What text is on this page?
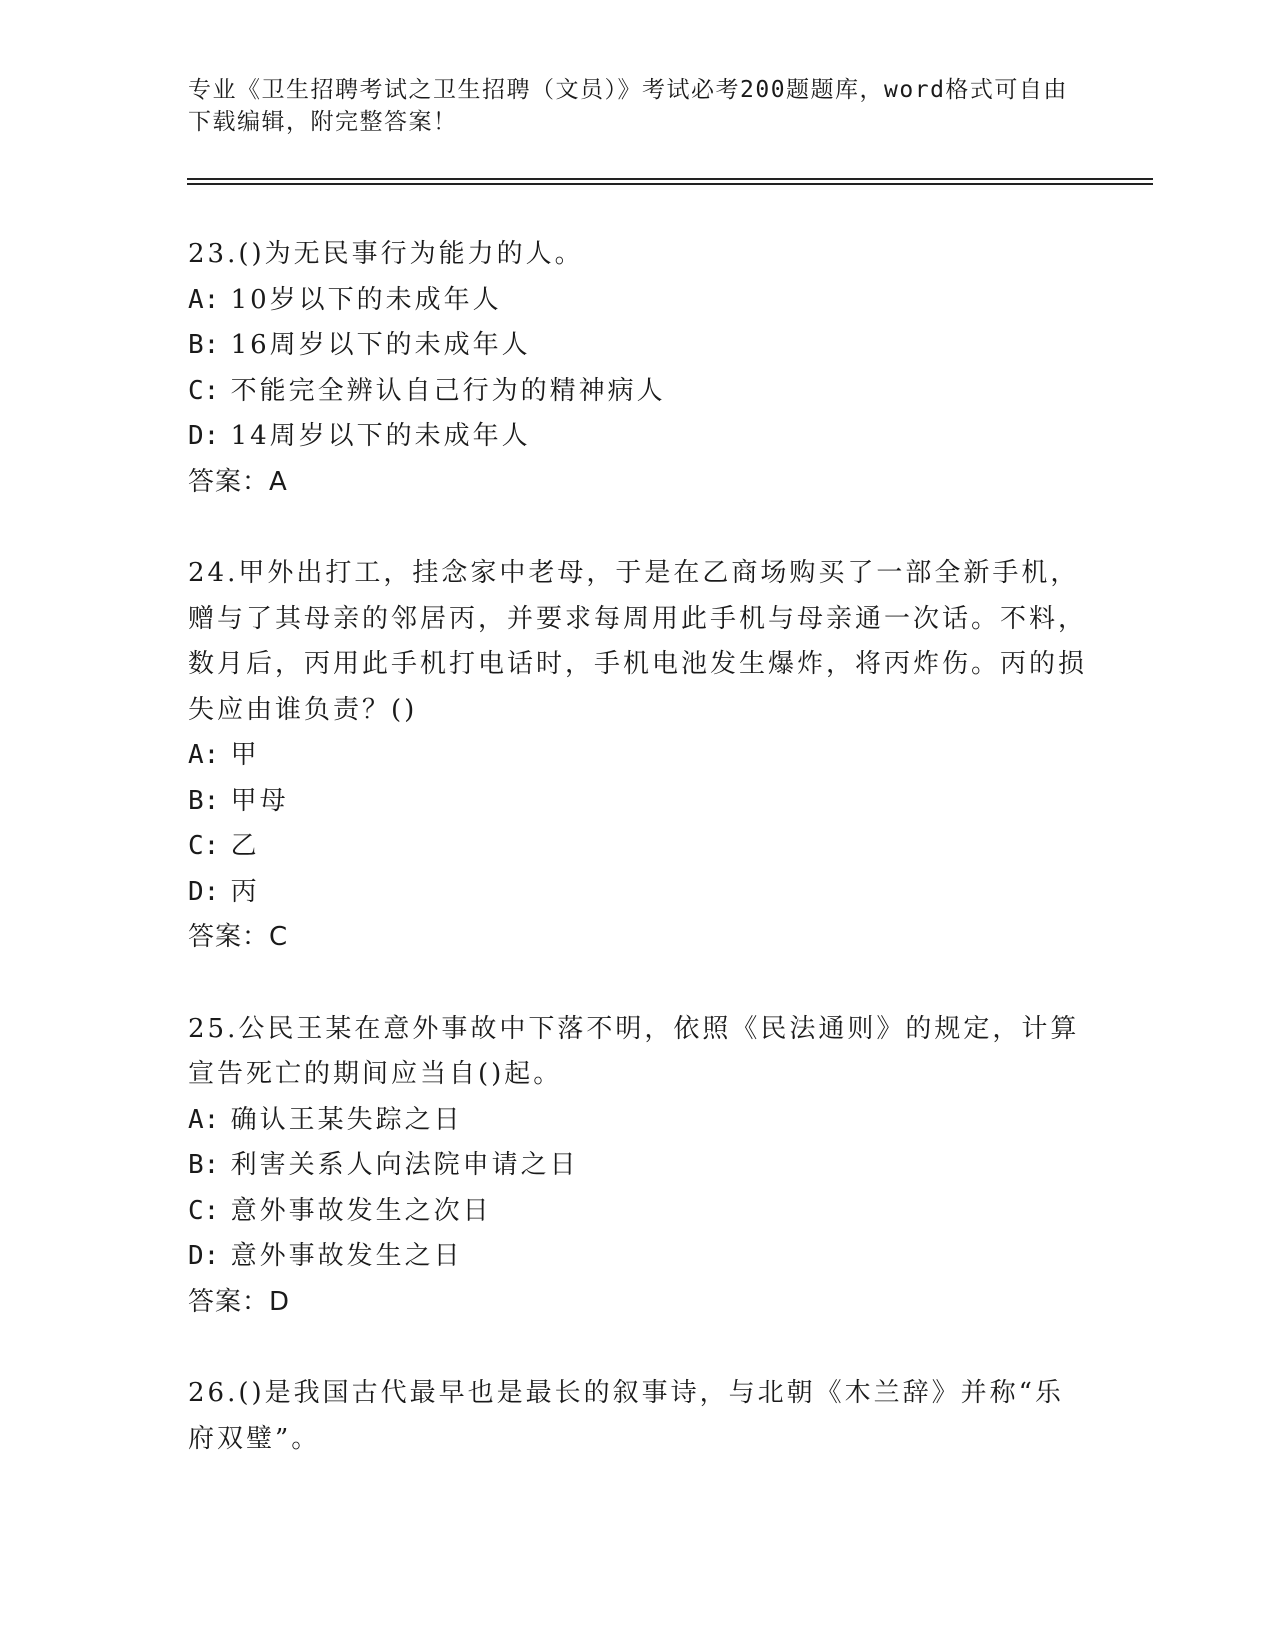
专业《卫生招聘考试之卫生招聘（文员）》考试必考200题题库，word格式可自由下载编辑，附完整答案！

23.()为无民事行为能力的人。

A: 10岁以下的未成年人

B: 16周岁以下的未成年人

C: 不能完全辨认自己行为的精神病人

D: 14周岁以下的未成年人

答案：A

24.甲外出打工，挂念家中老母，于是在乙商场购买了一部全新手机，赠与了其母亲的邻居丙，并要求每周用此手机与母亲通一次话。不料，数月后，丙用此手机打电话时，手机电池发生爆炸，将丙炸伤。丙的损失应由谁负责？()

A: 甲

B: 甲母

C: 乙

D: 丙

答案：C

25.公民王某在意外事故中下落不明，依照《民法通则》的规定，计算宣告死亡的期间应当自()起。

A: 确认王某失踪之日

B: 利害关系人向法院申请之日

C: 意外事故发生之次日

D: 意外事故发生之日

答案：D

26.()是我国古代最早也是最长的叙事诗，与北朝《木兰辞》并称“乐府双璧”。
